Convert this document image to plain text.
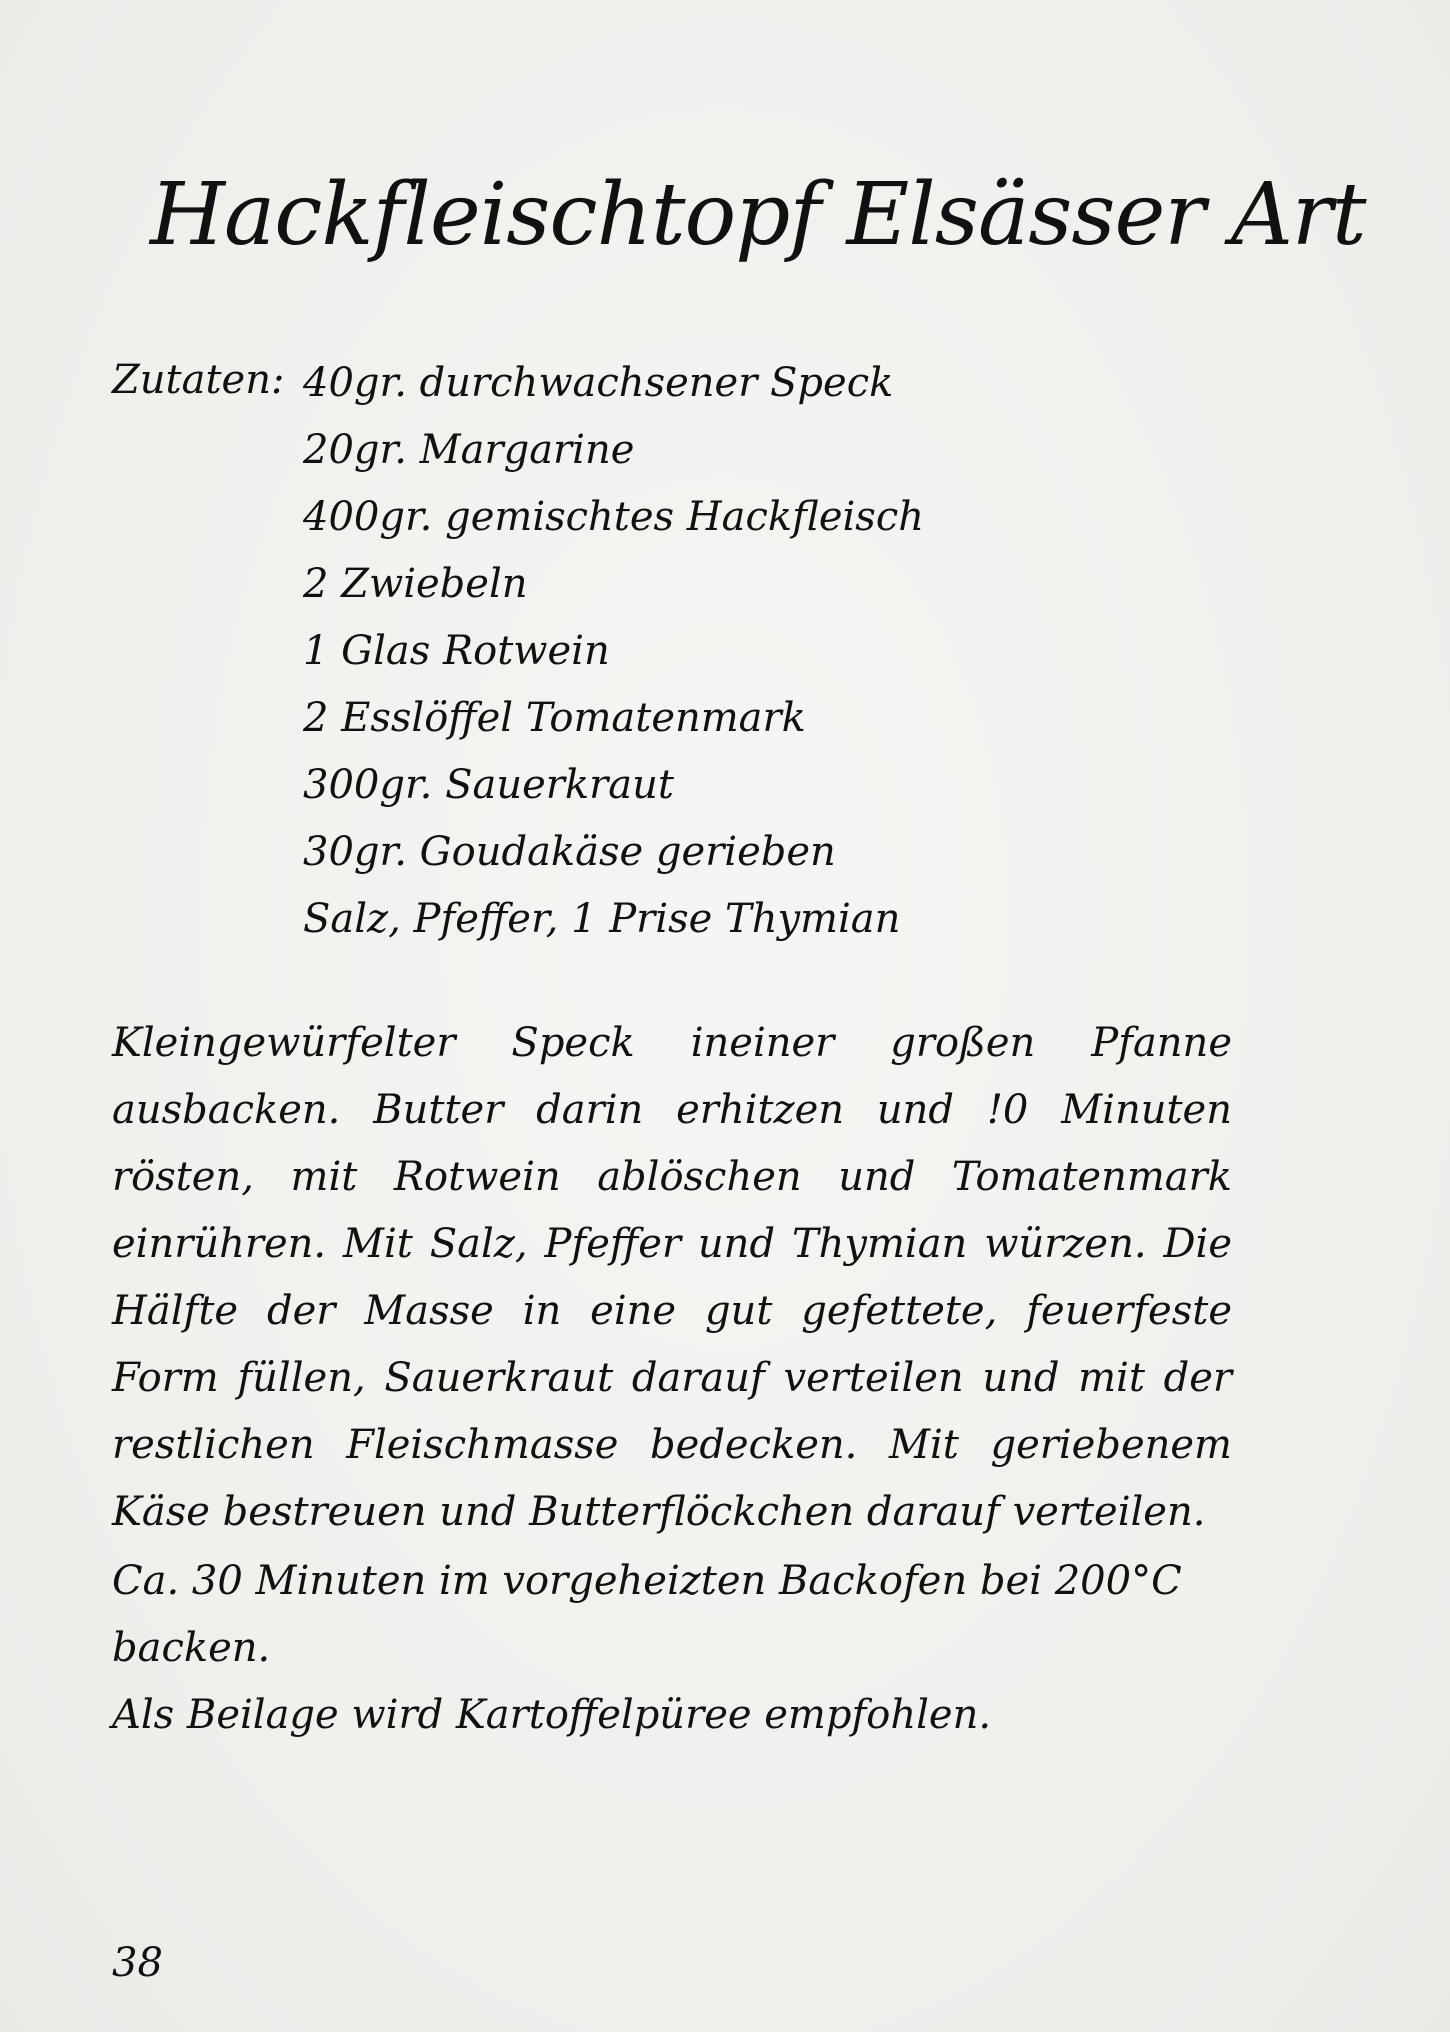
Hackfleischtopf Elsässer Art
Zutaten: 40gr. durchwachsener Speck
20gr. Margarine
400gr. gemischtes Hackfleisch
2 Zwiebeln
1 Glas Rotwein
2 Esslöffel Tomatenmark
300gr. Sauerkraut
30gr. Goudakäse gerieben
Salz, Pfeffer, 1 Prise Thymian

Kleingewürfelter Speck ineiner großen Pfanne ausbacken. Butter darin erhitzen und !0 Minuten rösten, mit Rotwein ablöschen und Tomatenmark einrühren. Mit Salz, Pfeffer und Thymian würzen. Die Hälfte der Masse in eine gut gefettete, feuerfeste Form füllen, Sauerkraut darauf verteilen und mit der restlichen Fleischmasse bedecken. Mit geriebenem Käse bestreuen und Butterflöckchen darauf verteilen.

Ca. 30 Minuten im vorgeheizten Backofen bei 200°C backen.

Als Beilage wird Kartoffelpüree empfohlen.

38
